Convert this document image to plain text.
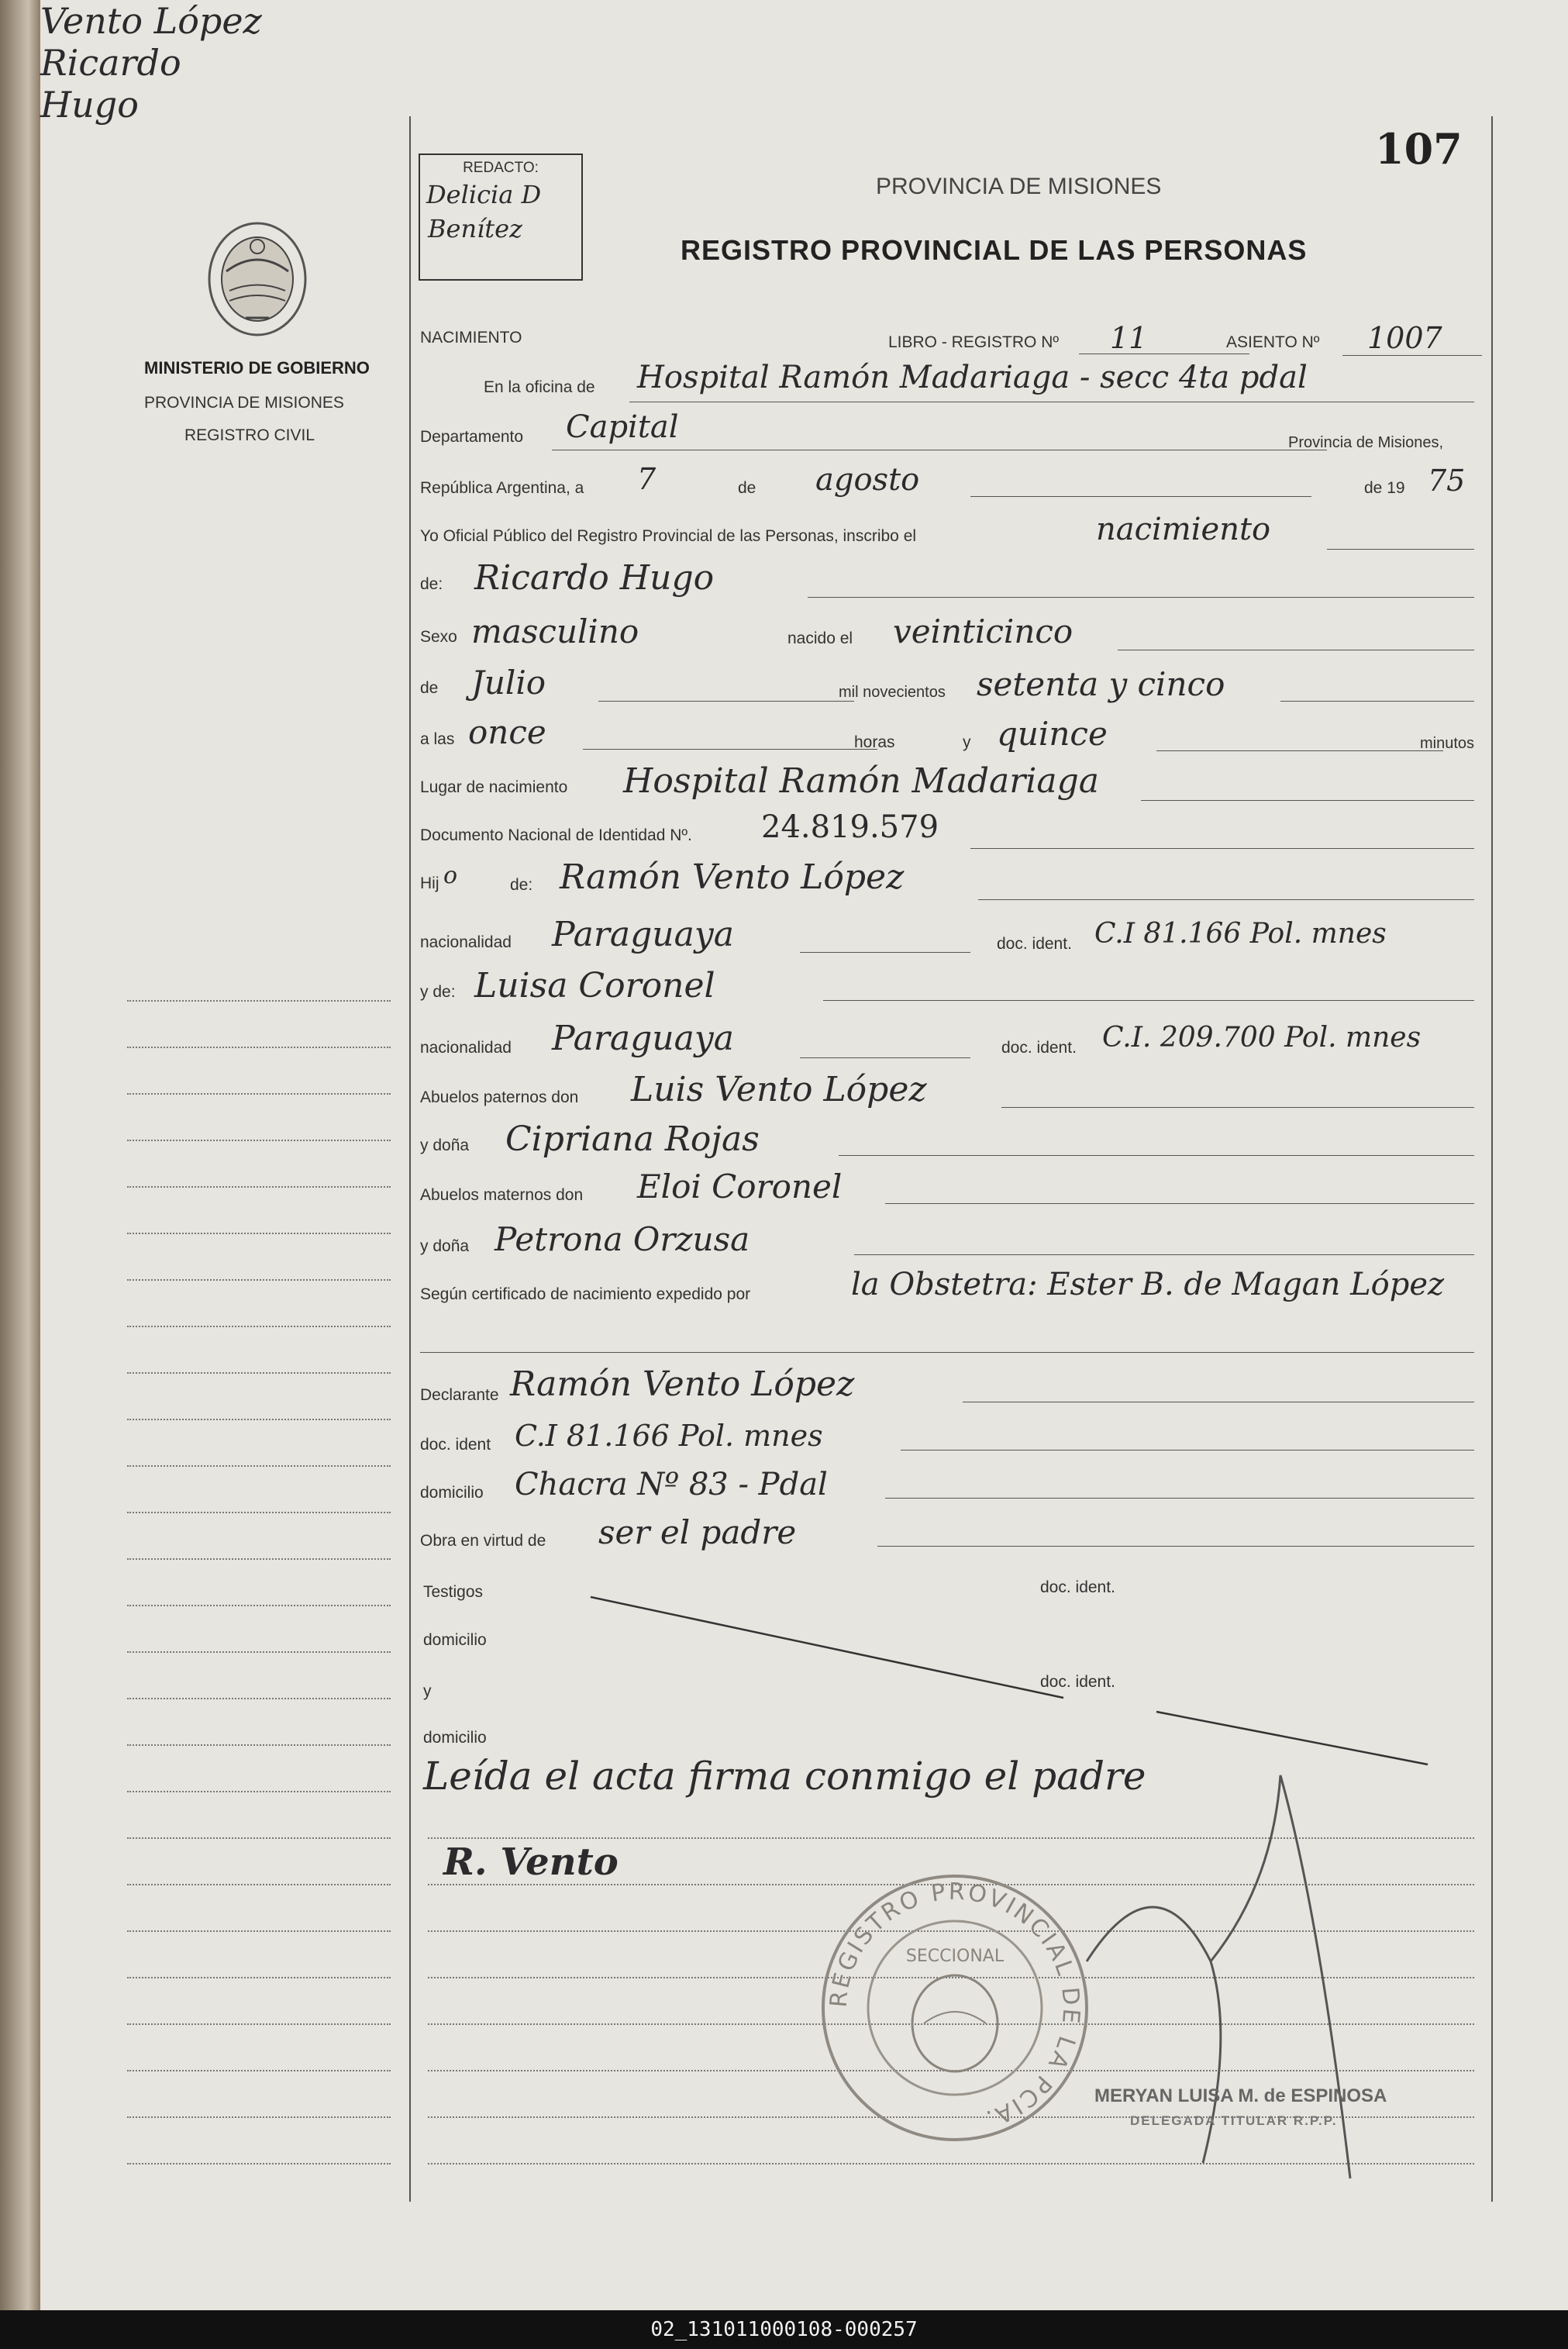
107
REDACTO:
Delicia D
Benítez
MINISTERIO DE GOBIERNO
PROVINCIA DE MISIONES
REGISTRO CIVIL
PROVINCIA DE MISIONES
REGISTRO PROVINCIAL DE LAS PERSONAS
Vento López
Ricardo
Hugo
NACIMIENTO	LIBRO - REGISTRO Nº 11	ASIENTO Nº 1007
En la oficina de Hospital Ramón Madariaga - secc 4ta pdal
Departamento Capital	Provincia de Misiones,
República Argentina, a 7	de agosto	de 19 75
Yo Oficial Público del Registro Provincial de las Personas, inscribo el	nacimiento
de: Ricardo Hugo
Sexo masculino	nacido el veinticinco
de Julio	mil novecientos setenta y cinco
a las once	horas	y quince	minutos
Lugar de nacimiento Hospital Ramón Madariaga
Documento Nacional de Identidad Nº. 24.819.579
Hij o	de: Ramón Vento López
nacionalidad Paraguaya	doc. ident. C.I 81.166 Pol. mnes
y de: Luisa Coronel
nacionalidad Paraguaya	doc. ident. C.I. 209.700 Pol. mnes
Abuelos paternos don Luis Vento López
y doña Cipriana Rojas
Abuelos maternos don Eloi Coronel
y doña Petrona Orzusa
Según certificado de nacimiento expedido por	la Obstetra: Ester B. de Magan López
Declarante Ramón Vento López
doc. ident C.I 81.166 Pol. mnes
domicilio Chacra Nº 83 - Pdal
Obra en virtud de ser el padre
Testigos	doc. ident.
domicilio
y
doc. ident.
domicilio
Leída el acta firma conmigo el padre
R. Vento
REGISTRO PROVINCIAL DE LA PCIA.
SECCIONAL
MERYAN LUISA M. de ESPINOSA
DELEGADA TITULAR R.P.P.
02_131011000108-000257
